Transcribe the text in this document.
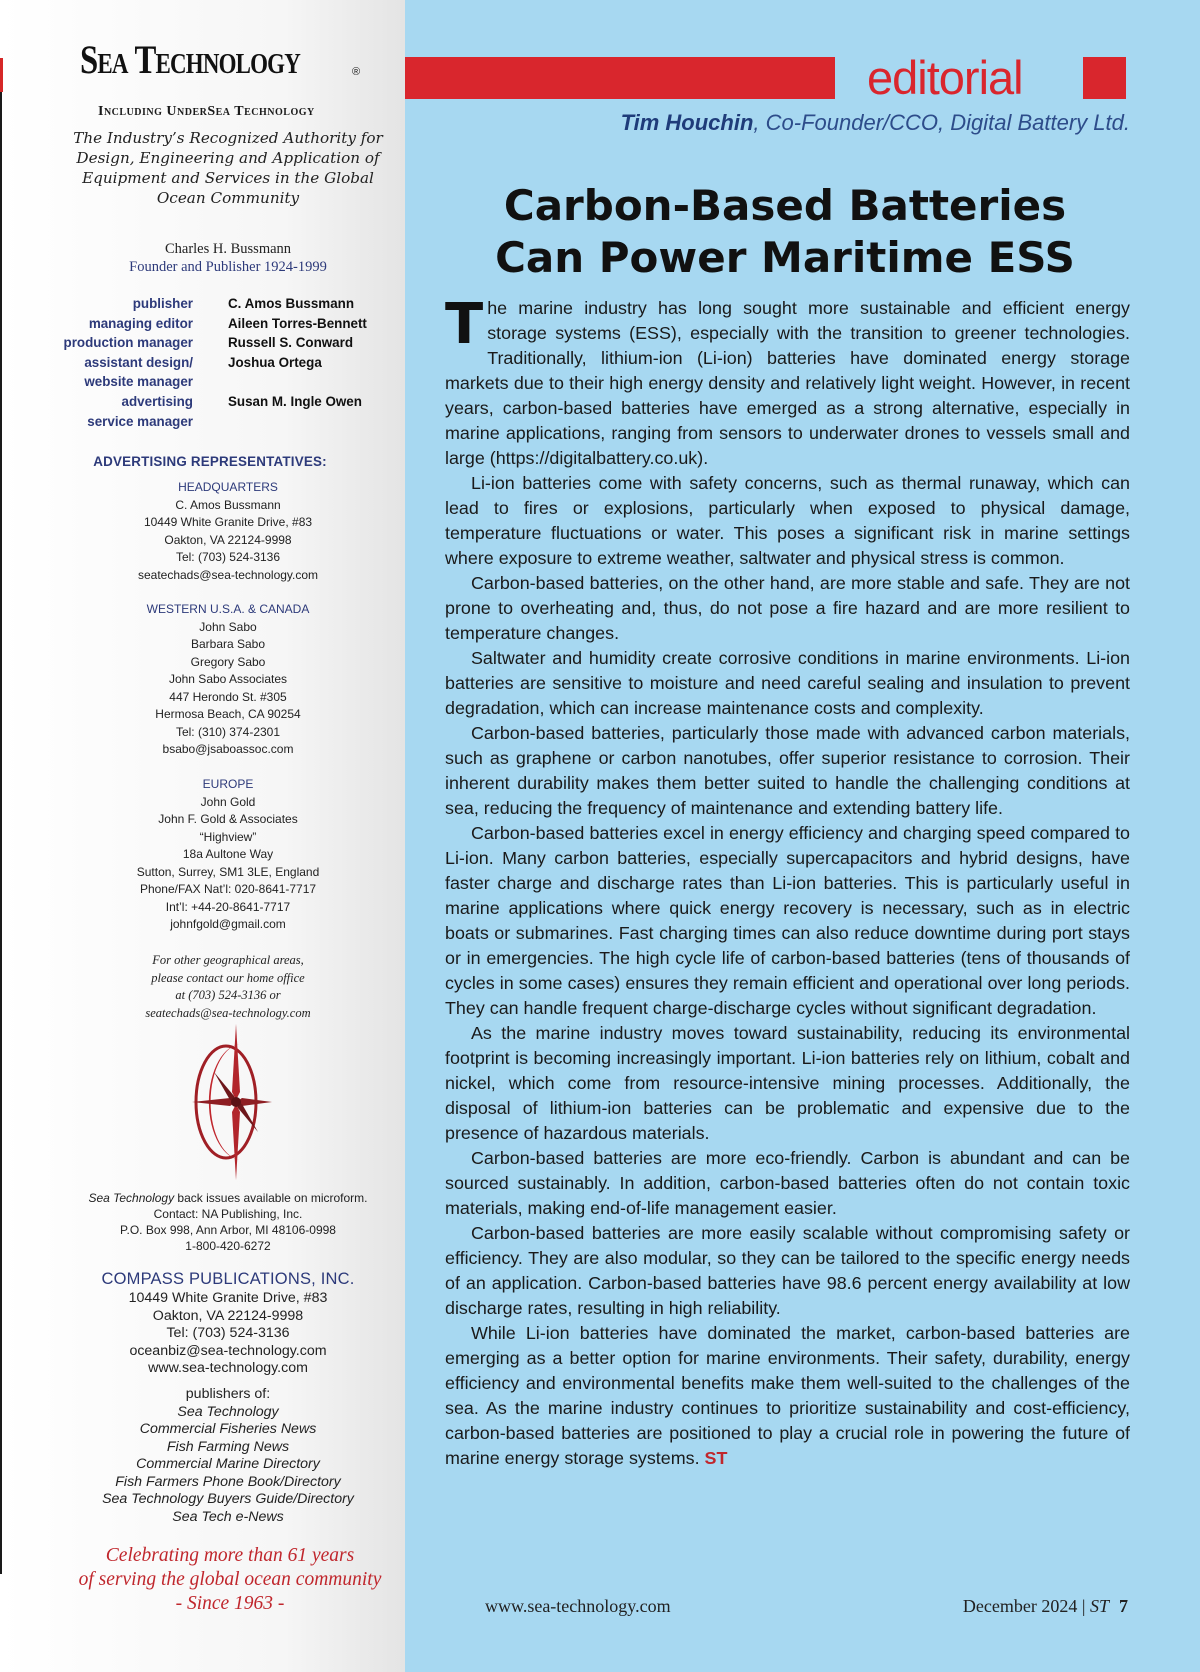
Sea Technology	®
Including UnderSea Technology
The Industry’s Recognized Authority for Design, Engineering and Application of Equipment and Services in the Global Ocean Community
Charles H. Bussmann
Founder and Publisher 1924-1999
publisher	C. Amos Bussmann
managing editor	Aileen Torres-Bennett
production manager	Russell S. Conward
assistant design/	Joshua Ortega
website manager
advertising	Susan M. Ingle Owen
service manager
ADVERTISING REPRESENTATIVES:
HEADQUARTERS
C. Amos Bussmann
10449 White Granite Drive, #83
Oakton, VA 22124-9998
Tel: (703) 524-3136
seatechads@sea-technology.com
WESTERN U.S.A. & CANADA
John Sabo
Barbara Sabo
Gregory Sabo
John Sabo Associates
447 Herondo St. #305
Hermosa Beach, CA 90254
Tel: (310) 374-2301
bsabo@jsaboassoc.com
EUROPE
John Gold
John F. Gold & Associates
“Highview”
18a Aultone Way
Sutton, Surrey, SM1 3LE, England
Phone/FAX Nat’l: 020-8641-7717
Int’l: +44-20-8641-7717
johnfgold@gmail.com
For other geographical areas,
please contact our home office
at (703) 524-3136 or
seatechads@sea-technology.com
Sea Technology back issues available on microform.
Contact: NA Publishing, Inc.
P.O. Box 998, Ann Arbor, MI 48106-0998
1-800-420-6272
COMPASS PUBLICATIONS, INC.
10449 White Granite Drive, #83
Oakton, VA 22124-9998
Tel: (703) 524-3136
oceanbiz@sea-technology.com
www.sea-technology.com
publishers of:
Sea Technology
Commercial Fisheries News
Fish Farming News
Commercial Marine Directory
Fish Farmers Phone Book/Directory
Sea Technology Buyers Guide/Directory
Sea Tech e-News
Celebrating more than 61 years
of serving the global ocean community
- Since 1963 -
editorial
Tim Houchin, Co-Founder/CCO, Digital Battery Ltd.
Carbon-Based Batteries
Can Power Maritime ESS

The marine industry has long sought more sustainable and efficient energy storage systems (ESS), especially with the transition to greener technologies. Traditionally, lithium-ion (Li-ion) batteries have dominated energy storage markets due to their high energy density and relatively light weight. However, in recent years, carbon-based batteries have emerged as a strong alternative, especially in marine applications, ranging from sensors to underwater drones to vessels small and large (https://digitalbattery.co.uk).

Li-ion batteries come with safety concerns, such as thermal runaway, which can lead to fires or explosions, particularly when exposed to physical damage, temperature fluctuations or water. This poses a significant risk in marine settings where exposure to extreme weather, saltwater and physical stress is common.

Carbon-based batteries, on the other hand, are more stable and safe. They are not prone to overheating and, thus, do not pose a fire hazard and are more resilient to temperature changes.

Saltwater and humidity create corrosive conditions in marine environments. Li-ion batteries are sensitive to moisture and need careful sealing and insulation to prevent degradation, which can increase maintenance costs and complexity.

Carbon-based batteries, particularly those made with advanced carbon materials, such as graphene or carbon nanotubes, offer superior resistance to corrosion. Their inherent durability makes them better suited to handle the challenging conditions at sea, reducing the frequency of maintenance and extending battery life.

Carbon-based batteries excel in energy efficiency and charging speed compared to Li-ion. Many carbon batteries, especially supercapacitors and hybrid designs, have faster charge and discharge rates than Li-ion batteries. This is particularly useful in marine applications where quick energy recovery is necessary, such as in electric boats or submarines. Fast charging times can also reduce downtime during port stays or in emergencies. The high cycle life of carbon-based batteries (tens of thousands of cycles in some cases) ensures they remain efficient and operational over long periods. They can handle frequent charge-discharge cycles without significant degradation.

As the marine industry moves toward sustainability, reducing its environmental footprint is becoming increasingly important. Li-ion batteries rely on lithium, cobalt and nickel, which come from resource-intensive mining processes. Additionally, the disposal of lithium-ion batteries can be problematic and expensive due to the presence of hazardous materials.

Carbon-based batteries are more eco-friendly. Carbon is abundant and can be sourced sustainably. In addition, carbon-based batteries often do not contain toxic materials, making end-of-life management easier.

Carbon-based batteries are more easily scalable without compromising safety or efficiency. They are also modular, so they can be tailored to the specific energy needs of an application. Carbon-based batteries have 98.6 percent energy availability at low discharge rates, resulting in high reliability.

While Li-ion batteries have dominated the market, carbon-based batteries are emerging as a better option for marine environments. Their safety, durability, energy efficiency and environmental benefits make them well-suited to the challenges of the sea. As the marine industry continues to prioritize sustainability and cost-efficiency, carbon-based batteries are positioned to play a crucial role in powering the future of marine energy storage systems. ST

www.sea-technology.com	December 2024 | ST 7
